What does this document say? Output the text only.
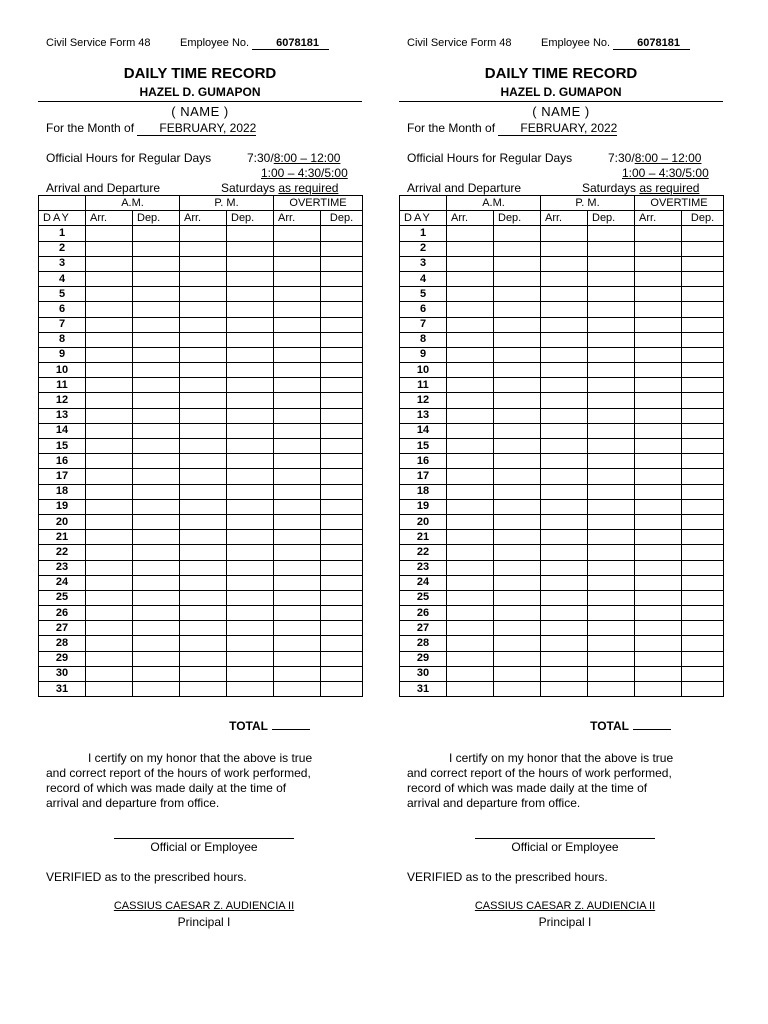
Civil Service Form 48	Employee No. 6078181
DAILY TIME RECORD
HAZEL D. GUMAPON
( NAME )
For the Month of FEBRUARY, 2022
Official Hours for Regular Days	7:30/8:00 – 12:00
1:00 – 4:30/5:00
Arrival and Departure	Saturdays as required
	A.M.		P. M.		OVERTIME	
DAY	Arr.	Dep.	Arr.	Dep.	Arr.	Dep.
1						
2						
3						
4						
5						
6						
7						
8						
9						
10						
11						
12						
13						
14						
15						
16						
17						
18						
19						
20						
21						
22						
23						
24						
25						
26						
27						
28						
29						
30						
31						
TOTAL
I certify on my honor that the above is true
and correct report of the hours of work performed,
record of which was made daily at the time of
arrival and departure from office.
Official or Employee
VERIFIED as to the prescribed hours.
CASSIUS CAESAR Z. AUDIENCIA II
Principal I
Civil Service Form 48	Employee No. 6078181
DAILY TIME RECORD
HAZEL D. GUMAPON
( NAME )
For the Month of FEBRUARY, 2022
Official Hours for Regular Days	7:30/8:00 – 12:00
1:00 – 4:30/5:00
Arrival and Departure	Saturdays as required
	A.M.		P. M.		OVERTIME	
DAY	Arr.	Dep.	Arr.	Dep.	Arr.	Dep.
1						
2						
3						
4						
5						
6						
7						
8						
9						
10						
11						
12						
13						
14						
15						
16						
17						
18						
19						
20						
21						
22						
23						
24						
25						
26						
27						
28						
29						
30						
31						
TOTAL
I certify on my honor that the above is true
and correct report of the hours of work performed,
record of which was made daily at the time of
arrival and departure from office.
Official or Employee
VERIFIED as to the prescribed hours.
CASSIUS CAESAR Z. AUDIENCIA II
Principal I
